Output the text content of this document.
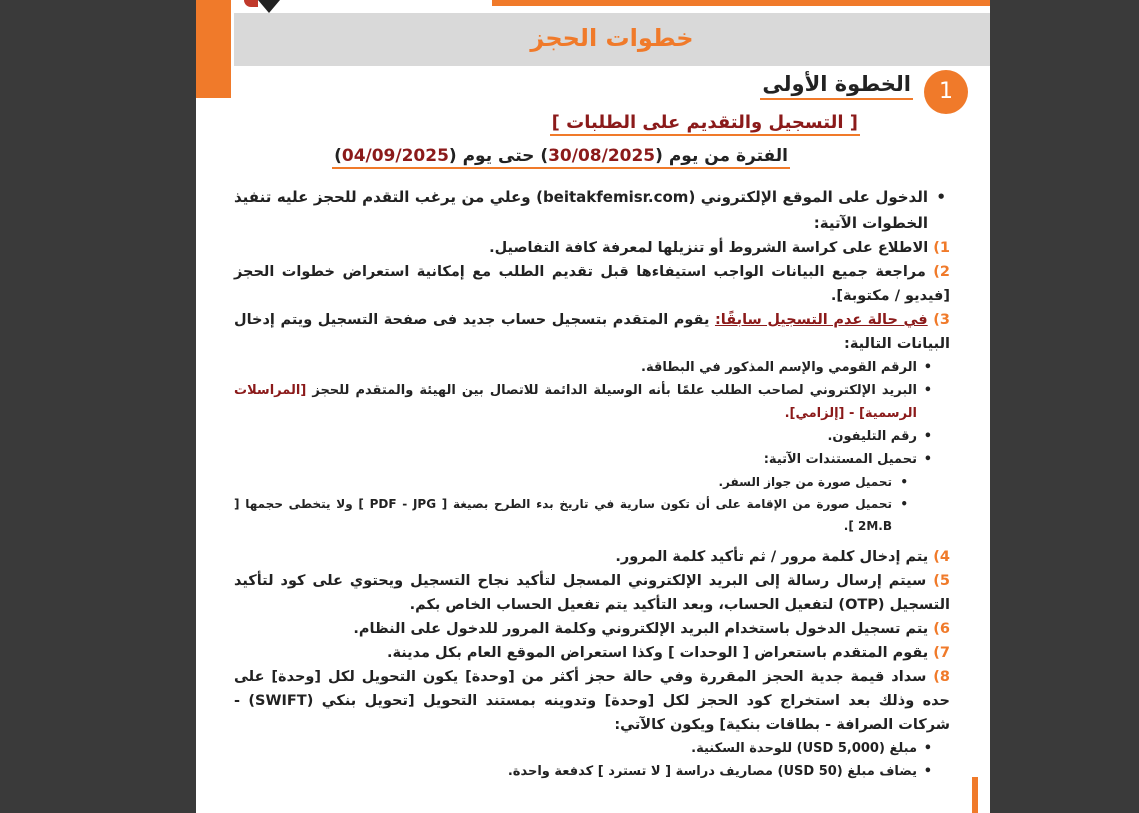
خطوات الحجز
1
الخطوة الأولى
[ التسجيل والتقديم على الطلبات ]
الفترة من يوم (30/08/2025) حتى يوم (04/09/2025)
• الدخول على الموقع الإلكتروني (beitakfemisr.com) وعلي من يرغب التقدم للحجز عليه تنفيذ الخطوات الآتية:

1) الاطلاع على كراسة الشروط أو تنزيلها لمعرفة كافة التفاصيل.

2) مراجعة جميع البيانات الواجب استيفاءها قبل تقديم الطلب مع إمكانية استعراض خطوات الحجز [فيديو / مكتوبة].

3) في حالة عدم التسجيل سابقًا: يقوم المتقدم بتسجيل حساب جديد فى صفحة التسجيل ويتم إدخال البيانات التالية:

• الرقم القومي والإسم المذكور في البطاقة.
• البريد الإلكتروني لصاحب الطلب علمًا بأنه الوسيلة الدائمة للاتصال بين الهيئة والمتقدم للحجز [المراسلات الرسمية] - [إلزامي].
• رقم التليفون.
• تحميل المستندات الآتية:
• تحميل صورة من جواز السفر.
• تحميل صورة من الإقامة على أن تكون سارية في تاريخ بدء الطرح بصيغة [ PDF - JPG ] ولا يتخطى حجمها [ 2M.B ].

4) يتم إدخال كلمة مرور / ثم تأكيد كلمة المرور.

5) سيتم إرسال رسالة إلى البريد الإلكتروني المسجل لتأكيد نجاح التسجيل ويحتوي على كود لتأكيد التسجيل (OTP) لتفعيل الحساب، وبعد التأكيد يتم تفعيل الحساب الخاص بكم.

6) يتم تسجيل الدخول باستخدام البريد الإلكتروني وكلمة المرور للدخول على النظام.

7) يقوم المتقدم باستعراض [ الوحدات ] وكذا استعراض الموقع العام بكل مدينة.

8) سداد قيمة جدية الحجز المقررة وفي حالة حجز أكثر من [وحدة] يكون التحويل لكل [وحدة] على حده وذلك بعد استخراج كود الحجز لكل [وحدة] وتدوينه بمستند التحويل [تحويل بنكي (SWIFT) - شركات الصرافة - بطاقات بنكية] ويكون كالآتي:

• مبلغ (USD 5,000) للوحدة السكنية.
• يضاف مبلغ (USD 50) مصاريف دراسة [ لا تسترد ] كدفعة واحدة.
